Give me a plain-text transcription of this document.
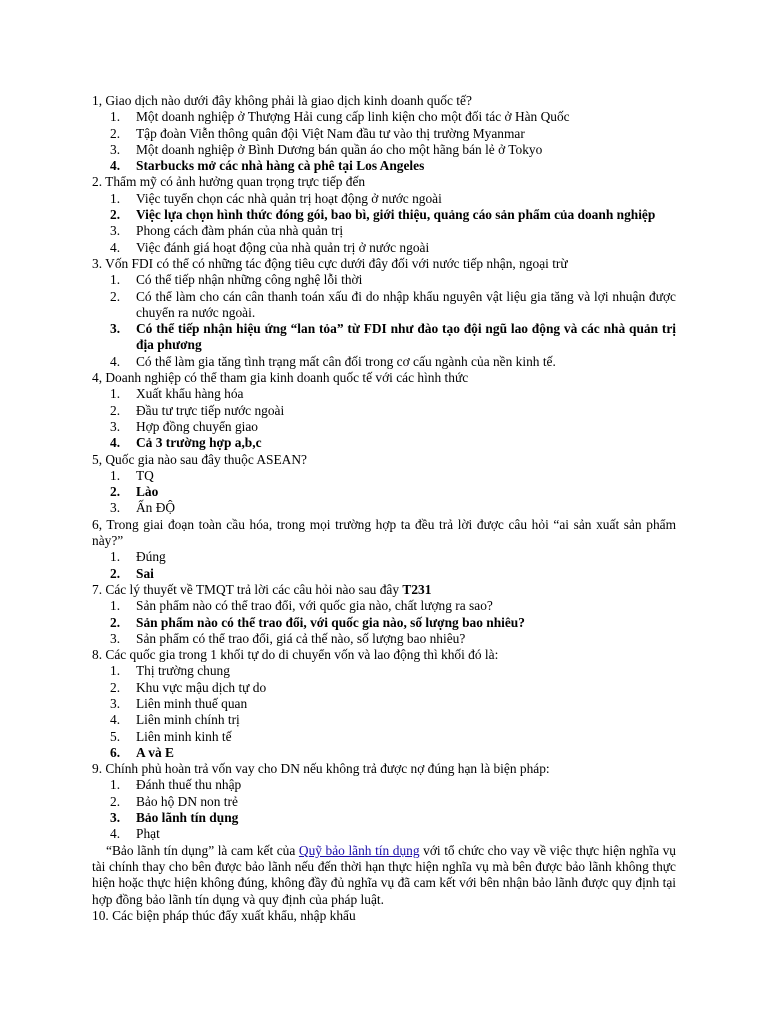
1, Giao dịch nào dưới đây không phải là giao dịch kinh doanh quốc tế?
1.	Một doanh nghiệp ở Thượng Hải cung cấp linh kiện cho một đối tác ở Hàn Quốc
2.	Tập đoàn Viễn thông quân đội Việt Nam đầu tư vào thị trường Myanmar
3.	Một doanh nghiệp ở Bình Dương bán quần áo cho một hãng bán lẻ ở Tokyo
4.	Starbucks mở các nhà hàng cà phê tại Los Angeles
2. Thẩm mỹ có ảnh hưởng quan trọng trực tiếp đến
1.	Việc tuyển chọn các nhà quản trị hoạt động ở nước ngoài
2.	Việc lựa chọn hình thức đóng gói, bao bì, giới thiệu, quảng cáo sản phẩm của doanh nghiệp
3.	Phong cách đàm phán của nhà quản trị
4.	Việc đánh giá hoạt động của nhà quản trị ở nước ngoài
3. Vốn FDI có thể có những tác động tiêu cực dưới đây đối với nước tiếp nhận, ngoại trừ
1.	Có thể tiếp nhận những công nghệ lỗi thời
2.	Có thể làm cho cán cân thanh toán xấu đi do nhập khẩu nguyên vật liệu gia tăng và lợi nhuận được chuyển ra nước ngoài.
3.	Có thể tiếp nhận hiệu ứng “lan tỏa” từ FDI như đào tạo đội ngũ lao động và các nhà quản trị địa phương
4.	Có thể làm gia tăng tình trạng mất cân đối trong cơ cấu ngành của nền kinh tế.
4, Doanh nghiệp có thể tham gia kinh doanh quốc tế với các hình thức
1.	Xuất khẩu hàng hóa
2.	Đầu tư trực tiếp nước ngoài
3.	Hợp đồng chuyển giao
4.	Cả 3 trường hợp a,b,c
5, Quốc gia nào sau đây thuộc ASEAN?
1.	TQ
2.	Lào
3.	Ấn ĐỘ
6, Trong giai đoạn toàn cầu hóa, trong mọi trường hợp ta đều trả lời được câu hỏi “ai sản xuất sản phẩm này?”
1.	Đúng
2.	Sai
7. Các lý thuyết về TMQT trả lời các câu hỏi nào sau đây T231
1.	Sản phẩm nào có thể trao đổi, với quốc gia nào, chất lượng ra sao?
2.	Sản phẩm nào có thể trao đổi, với quốc gia nào, số lượng bao nhiêu?
3.	Sản phẩm có thể trao đổi, giá cả thế nào, số lượng bao nhiêu?
8. Các quốc gia trong 1 khối tự do di chuyển vốn và lao động thì khối đó là:
1.	Thị trường chung
2.	Khu vực mậu dịch tự do
3.	Liên minh thuế quan
4.	Liên minh chính trị
5.	Liên minh kinh tế
6.	A và E
9. Chính phủ hoàn trả vốn vay cho DN nếu không trả được nợ đúng hạn là biện pháp:
1.	Đánh thuế thu nhập
2.	Bảo hộ DN non trẻ
3.	Bảo lãnh tín dụng
4.	Phạt

“Bảo lãnh tín dụng” là cam kết của Quỹ bảo lãnh tín dụng với tổ chức cho vay về việc thực hiện nghĩa vụ tài chính thay cho bên được bảo lãnh nếu đến thời hạn thực hiện nghĩa vụ mà bên được bảo lãnh không thực hiện hoặc thực hiện không đúng, không đầy đủ nghĩa vụ đã cam kết với bên nhận bảo lãnh được quy định tại hợp đồng bảo lãnh tín dụng và quy định của pháp luật.

10. Các biện pháp thúc đẩy xuất khẩu, nhập khẩu
